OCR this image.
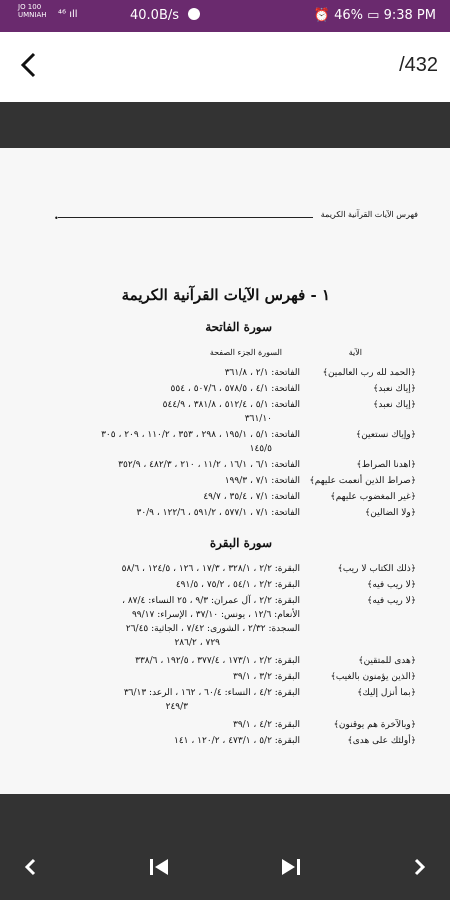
JO 100
UMNIAH ⁴⁶ ıll	40.0B/s	⏰ 46% ▭ 9:38 PM
/432
فهرس الآيات القرآنية الكريمة
•
١ - فهرس الآيات القرآنية الكريمة
سورة الفاتحة
الآية
السورة الجزء الصفحة
﴿الحمد لله رب العالمين﴾
الفاتحة: ٢/١ ، ٣٦١/٨
﴿إياك نعبد﴾
الفاتحة: ٤/١ ، ٥٧٨/٥ ، ٥٠٧/٦ ، ٥٥٤
﴿إياك نعبد﴾
الفاتحة: ٥/١ ، ٥١٢/٤ ، ٣٨١/٨ ، ٥٤٤/٩
٣٦١/١٠
﴿وإياك نستعين﴾
الفاتحة: ٥/١ ، ١٩٥/١ ، ٢٩٨ ، ٣٥٣ ، ١١٠/٢ ، ٢٠٩ ، ٣٠٥
١٤٥/٥
﴿اهدنا الصراط﴾
الفاتحة: ٦/١ ، ١٦/١ ، ١١/٢ ، ٢١٠ ، ٤٨٢/٣ ، ٣٥٢/٩
﴿صراط الذين أنعمت عليهم﴾
الفاتحة: ٧/١ ، ١٩٩/٣
﴿غير المغضوب عليهم﴾
الفاتحة: ٧/١ ، ٣٥/٤ ، ٤٩/٧
﴿ولا الضالين﴾
الفاتحة: ٧/١ ، ٥٧٧/١ ، ٥٩١/٢ ، ١٢٢/٦ ، ٣٠/٩
سورة البقرة
﴿ذلك الكتاب لا ريب﴾
البقرة: ٢/٢ ، ٣٢٨/١ ، ١٧/٣ ، ١٢٦ ، ١٢٤/٥ ، ٥٨/٦
﴿لا ريب فيه﴾
البقرة: ٢/٢ ، ٥٤/١ ، ٧٥/٢ ، ٤٩١/٥
﴿لا ريب فيه﴾
البقرة: ٢/٢ ، آل عمران: ٩/٣ ، ٢٥ النساء: ٨٧/٤ ،
الأنعام: ١٢/٦ ، يونس: ٣٧/١٠ ، الإسراء: ٩٩/١٧
السجدة: ٢/٣٢ ، الشورى: ٧/٤٢ ، الجاثية: ٢٦/٤٥
٧٢٩ ، ٢٨٦/٢
﴿هدى للمتقين﴾
البقرة: ٢/٢ ، ١٧٣/١ ، ٣٧٧/٤ ، ١٩٢/٥ ، ٣٣٨/٦
﴿الذين يؤمنون بالغيب﴾
البقرة: ٣/٢ ، ٣٩/١
﴿بما أنزل إليك﴾
البقرة: ٤/٢ ، النساء: ٦٠/٤ ، ١٦٢ ، الرعد: ٣٦/١٣
٢٤٩/٣
﴿وبالآخرة هم يوقنون﴾
البقرة: ٤/٢ ، ٣٩/١
﴿أولئك على هدى﴾
البقرة: ٥/٢ ، ٤٧٣/١ ، ١٢٠/٢ ، ١٤١
